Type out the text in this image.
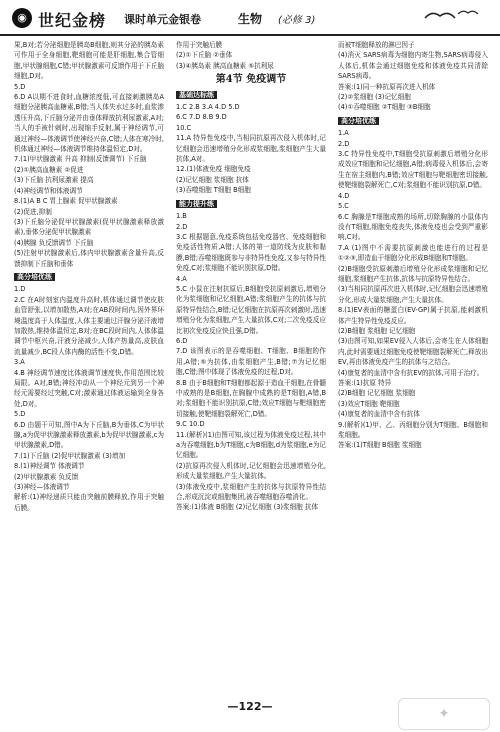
◉ 世纪金榜 课时单元金银卷	生物 (必修 3)

果,B对;若分泌细胞是胰岛B细胞,则其分泌的胰岛素可作用于全身细胞,靶细胞可能是肝细胞,集合管细胞,甲状腺细胞,C错;甲状腺激素可反馈作用于下丘脑细胞,D对。

5.D

6.D A以期不进食时,血糖浓度低,可直接刺激胰岛A细胞分泌胰高血糖素,B错;当人体失水过多时,血浆渗透压升高,下丘脑分泌并由垂体释放抗利尿激素,A对;当人的手被针刺时,出现缩手反射,属于神经调节,可通过神经—体液调节使神经兴奋,C错;人体在寒冷时,机体通过神经—体液调节维持体温恒定,D对。

7.(1)甲状腺激素 升高 抑制(反馈调节) 下丘脑

(2)①胰高血糖素 ②促进

(3)下丘脑 抗利尿激素 提高

(4)神经调节和体液调节

8.(1)A B C 胃上腺素 促甲状腺激素

(2)促进,抑制

(3)下丘脑分泌促甲状腺激素(促甲状腺激素释放激素),垂体分泌促甲状腺激素

(4)胰腺 负反馈调节 下丘脑

(5)注射甲状腺激素后,体内甲状腺激素含量升高,反馈抑制下丘脑和垂体

高分培优练

1.D

2.C 在A时刻室内温度升高时,机体通过调节使皮肤血管舒张,以增加散热,A对;在AB段时间内,因外界环境温度高于人体温度,人体主要通过汗腺分泌汗液增加散热,维持体温恒定,B对;在BC段时间内,人体体温调节中枢兴奋,汗液分泌减少,人体产热量高,皮肤血流量减少,BC段人体内酶的活性不变,D错。

3.A

4.B 神经调节速度比体液调节速度快,作用范围比较局限。A对,B错;神经冲动从一个神经元到另一个神经元需要经过突触,C对;激素通过体液运输到全身各处,D对。

5.D

6.D 由题干可知,图中A为下丘脑,B为垂体,C为甲状腺,a为促甲状腺激素释放激素,b为促甲状腺激素,c为甲状腺激素,D错。

7.(1)下丘脑 (2)促甲状腺激素 (3)增加

8.(1)神经调节 体液调节

(2)甲状腺激素 负反馈

(3)神经—体液调节

解析:(1)神经递质只能由突触前膜释放,作用于突触后膜。

作用于突触后膜

(2)①下丘脑 ②垂体

(3)④胰岛素 胰高血糖素 ⑤抗利尿

第4节 免疫调节
基础达标练

1.C 2.B 3.A 4.D 5.D

6.C 7.D 8.B 9.D

10.C

11.A 特异性免疫中,当相同抗原再次侵入机体时,记忆细胞会迅速增殖分化形成浆细胞,浆细胞产生大量抗体,A对。

12.(1)体液免疫 细胞免疫

(2)记忆细胞 浆细胞 抗体

(3)吞噬细胞 T细胞 B细胞

能力提升练

1.B

2.D

3.C 根据题意,免疫系统包括免疫器官、免疫细胞和免疫活性物质,A错;人体的第一道防线为皮肤和黏膜,B错;吞噬细胞既参与非特异性免疫,又参与特异性免疫,C对;浆细胞不能识别抗原,D错。

4.A

5.C 小鼠在注射抗原后,B细胞受抗原刺激后,增殖分化为浆细胞和记忆细胞,A错;浆细胞产生的抗体与抗原特异性结合,B错;记忆细胞在抗原再次刺激时,迅速增殖分化为浆细胞,产生大量抗体,C对;二次免疫反应比初次免疫反应快且强,D错。

6.D

7.D 该图表示的是吞噬细胞、T细胞、B细胞的作用,A错;⑤为抗体,由浆细胞产生,B错;⑦为记忆细胞,C错;图中体现了体液免疫的过程,D对。

8.B 由于B细胞和T细胞都起源于造血干细胞,在骨髓中成熟的是B细胞,在胸腺中成熟的是T细胞,A错,B对;浆细胞不能识别抗原,C错;效应T细胞与靶细胞密切接触,使靶细胞裂解死亡,D错。

9.C 10.D

11.(解析)(1)由图可知,该过程为体液免疫过程,其中a为吞噬细胞,b为T细胞,c为B细胞,d为浆细胞,e为记忆细胞。

(2)抗原再次侵入机体时,记忆细胞会迅速增殖分化,形成大量浆细胞,产生大量抗体。

(3)体液免疫中,浆细胞产生的抗体与抗原特异性结合,形成沉淀或细胞集团,被吞噬细胞吞噬消化。

答案:(1)体液 B细胞 (2)记忆细胞 (3)浆细胞 抗体

而被T细胞释放的淋巴因子

(4)消灭 SARS病毒为细胞内寄生物,SARS病毒侵入人体后,机体会通过细胞免疫和体液免疫共同清除SARS病毒。

答案:(1)同一种抗原再次进入机体

(2)②浆细胞 (3)记忆细胞

(4)①吞噬细胞 ②T细胞 ③B细胞

高分培优练

1.A

2.D

3.C 特异性免疫中,T细胞受抗原刺激后增殖分化形成效应T细胞和记忆细胞,A错;病毒侵入机体后,会寄生在宿主细胞内,B错;效应T细胞与靶细胞密切接触,使靶细胞裂解死亡,C对;浆细胞不能识别抗原,D错。

4.D

5.C

6.C 胸腺是T细胞成熟的场所,切除胸腺的小鼠体内没有T细胞,细胞免疫丧失,体液免疫也会受到严重影响,C对。

7.A (1)图中不需要抗原刺激也能进行的过程是①②③,即造血干细胞分化形成B细胞和T细胞。

(2)B细胞受抗原刺激后增殖分化形成浆细胞和记忆细胞,浆细胞产生抗体,抗体与抗原特异性结合。

(3)当相同抗原再次进入机体时,记忆细胞会迅速增殖分化,形成大量浆细胞,产生大量抗体。

8.(1)EV表面的糖蛋白(EV-GP)属于抗原,能刺激机体产生特异性免疫反应。

(2)B细胞 浆细胞 记忆细胞

(3)由图可知,如果EV侵入人体后,会寄生在人体细胞内,此时需要通过细胞免疫使靶细胞裂解死亡,释放出EV,再由体液免疫产生的抗体与之结合。

(4)康复者的血清中含有抗EV的抗体,可用于治疗。

答案:(1)抗原 特异

(2)B细胞 记忆细胞 浆细胞

(3)效应T细胞 靶细胞

(4)康复者的血清中含有抗体

9.(解析)(1)甲、乙、丙细胞分别为T细胞、B细胞和浆细胞。

答案:(1)T细胞 B细胞 浆细胞

—122—	✦
